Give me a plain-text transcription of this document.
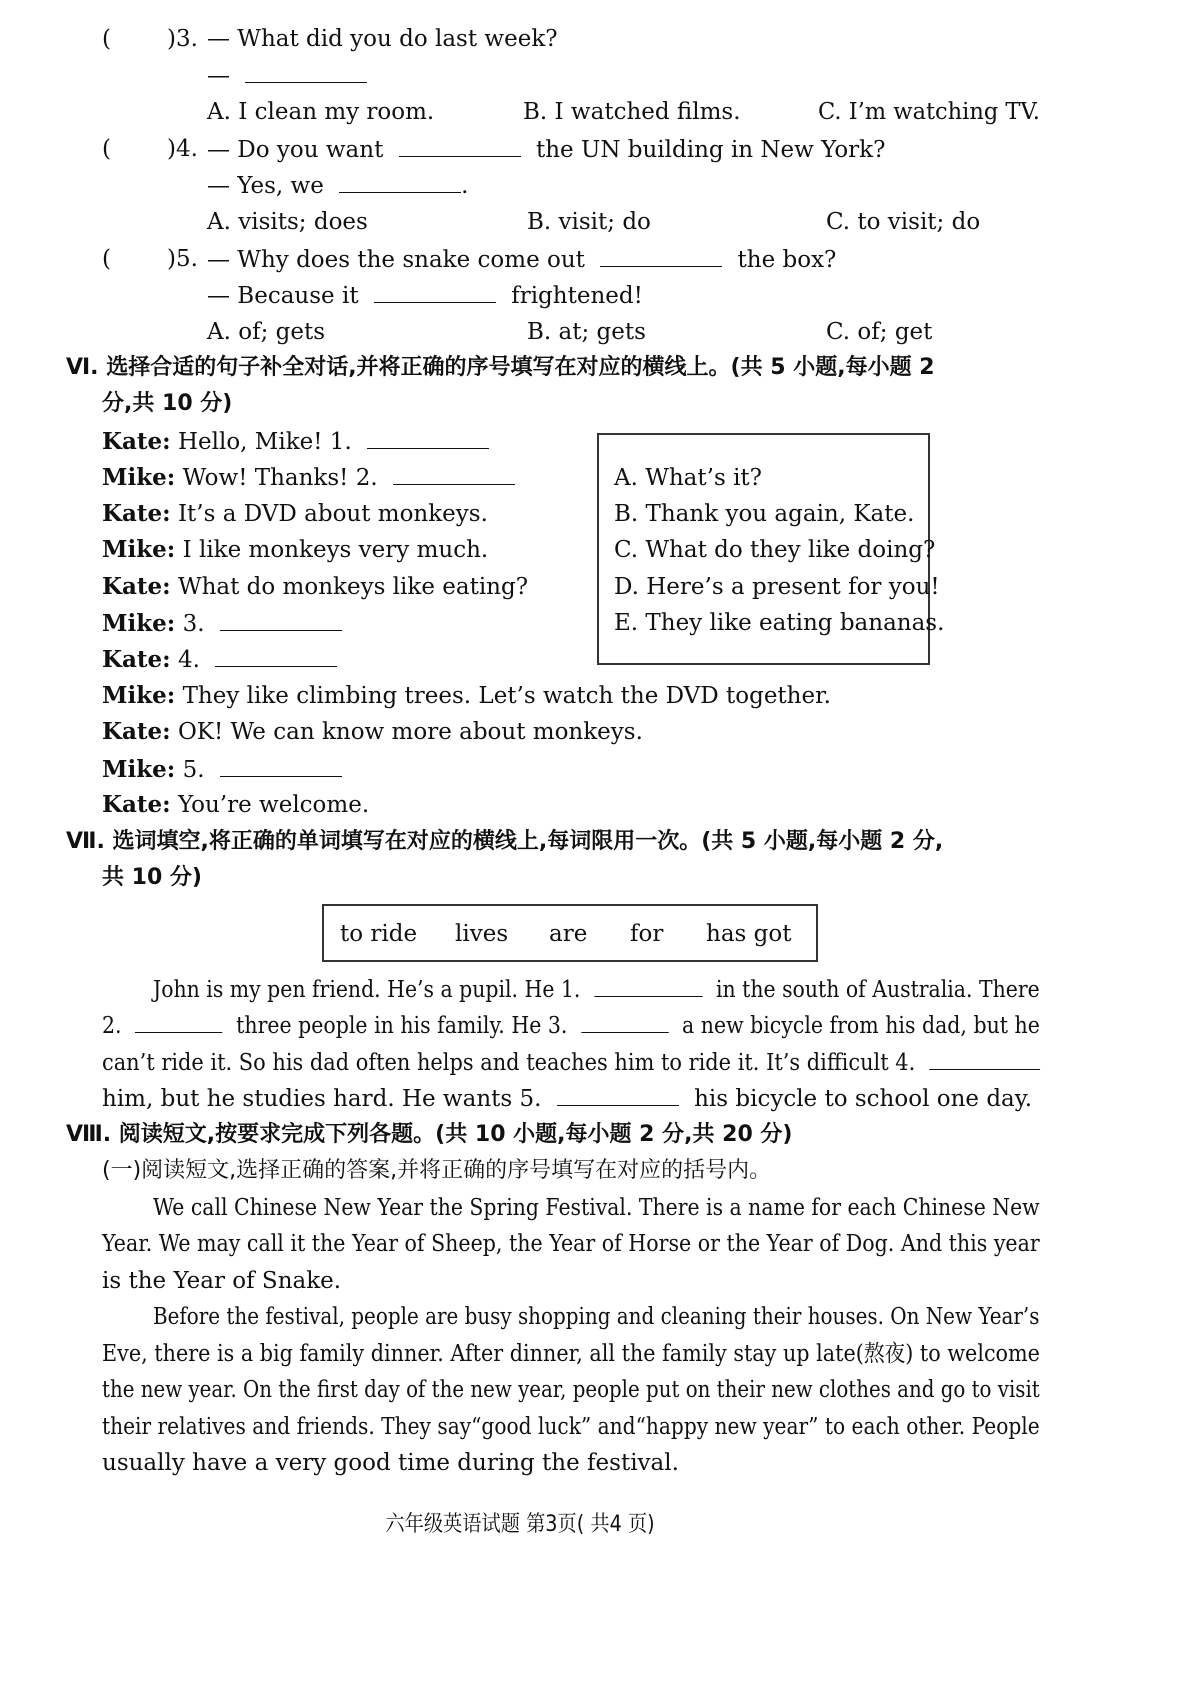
( )3. — What did you do last week?
—
A. I clean my room.	B. I watched films.	C. I’m watching TV.
( )4. — Do you want	the UN building in New York?
— Yes, we	.
A. visits; does	B. visit; do	C. to visit; do
( )5. — Why does the snake come out	the box?
— Because it	frightened!
A. of; gets	B. at; gets	C. of; get
Ⅵ. 选择合适的句子补全对话,并将正确的序号填写在对应的横线上。(共 5 小题,每小题 2
分,共 10 分)
Kate: Hello, Mike! 1.
Mike: Wow! Thanks! 2.
Kate: It’s a DVD about monkeys.
Mike: I like monkeys very much.
Kate: What do monkeys like eating?
Mike: 3.
Kate: 4.
Mike: They like climbing trees. Let’s watch the DVD together.
Kate: OK! We can know more about monkeys.
Mike: 5.
Kate: You’re welcome.
A. What’s it?
B. Thank you again, Kate.
C. What do they like doing?
D. Here’s a present for you!
E. They like eating bananas.
Ⅶ. 选词填空,将正确的单词填写在对应的横线上,每词限用一次。(共 5 小题,每小题 2 分,
共 10 分)
to ride lives are for has got
John is my pen friend. He’s a pupil. He 1.	in the south of Australia. There
2.	three people in his family. He 3.	a new bicycle from his dad, but he
can’t ride it. So his dad often helps and teaches him to ride it. It’s difficult 4.
him, but he studies hard. He wants 5.	his bicycle to school one day.
Ⅷ. 阅读短文,按要求完成下列各题。(共 10 小题,每小题 2 分,共 20 分)
(一)阅读短文,选择正确的答案,并将正确的序号填写在对应的括号内。
We call Chinese New Year the Spring Festival. There is a name for each Chinese New
Year. We may call it the Year of Sheep, the Year of Horse or the Year of Dog. And this year
is the Year of Snake.
Before the festival, people are busy shopping and cleaning their houses. On New Year’s
Eve, there is a big family dinner. After dinner, all the family stay up late(熬夜) to welcome
the new year. On the first day of the new year, people put on their new clothes and go to visit
their relatives and friends. They say“good luck” and“happy new year” to each other. People
usually have a very good time during the festival.
六年级英语试题 第3页( 共4 页)
